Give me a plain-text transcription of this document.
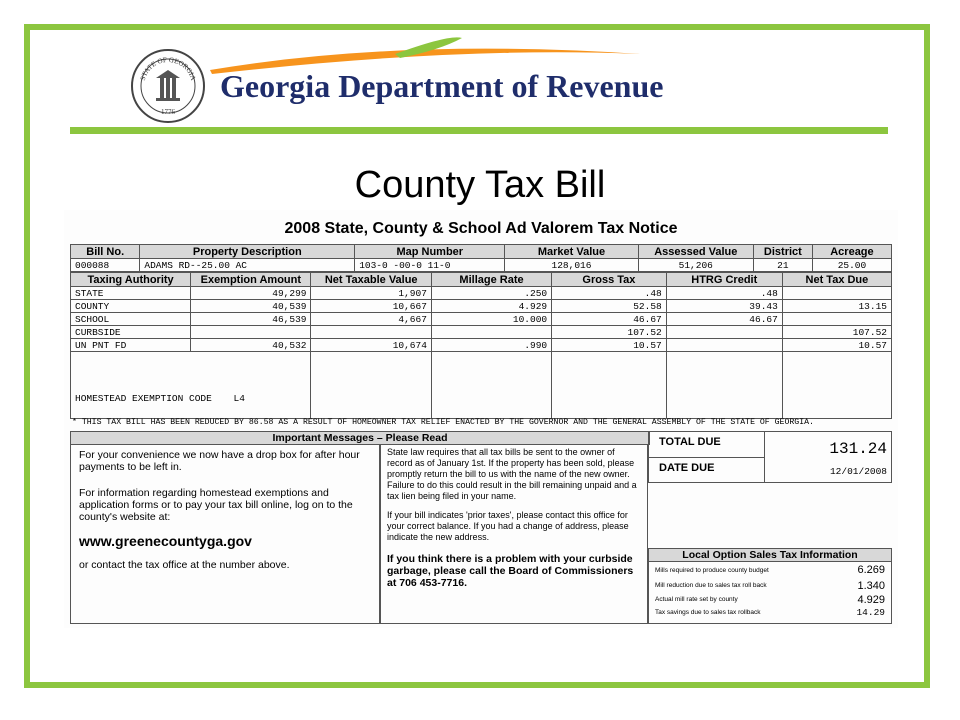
STATE OF GEORGIA
1776
Georgia Department of Revenue
County Tax Bill
2008 State, County & School Ad Valorem Tax Notice
Bill No.	Property Description	Map Number	Market Value	Assessed Value	District	Acreage
000088	ADAMS RD--25.00 AC	103-0 -00-0 11-0	128,016	51,206	21	25.00
Taxing Authority	Exemption Amount	Net Taxable Value	Millage Rate	Gross Tax	HTRG Credit	Net Tax Due
STATE	49,299	1,907	.250	.48	.48	
COUNTY	40,539	10,667	4.929	52.58	39.43	13.15
SCHOOL	46,539	4,667	10.000	46.67	46.67	
CURBSIDE				107.52		107.52
UN PNT FD	40,532	10,674	.990	10.57		10.57
HOMESTEAD EXEMPTION CODE L4						
* THIS TAX BILL HAS BEEN REDUCED BY 86.58 AS A RESULT OF HOMEOWNER TAX RELIEF ENACTED BY THE GOVERNOR AND THE GENERAL ASSEMBLY OF THE STATE OF GEORGIA.
Important Messages – Please Read
For your convenience we now have a drop box for after hour payments to be left in.
For information regarding homestead exemptions and application forms or to pay your tax bill online, log on to the county's website at:
www.greenecountyga.gov
or contact the tax office at the number above.
State law requires that all tax bills be sent to the owner of record as of January 1st. If the property has been sold, please promptly return the bill to us with the name of the new owner. Failure to do this could result in the bill remaining unpaid and a tax lien being filed in your name.
If your bill indicates 'prior taxes', please contact this office for your correct balance. If you had a change of address, please indicate the new address.
If you think there is a problem with your curbside garbage, please call the Board of Commissioners at 706 453-7716.
TOTAL DUE	131.24
DATE DUE	12/01/2008
Local Option Sales Tax Information
Mills required to produce county budget	6.269
Mill reduction due to sales tax roll back	1.340
Actual mill rate set by county	4.929
Tax savings due to sales tax rollback	14.29
